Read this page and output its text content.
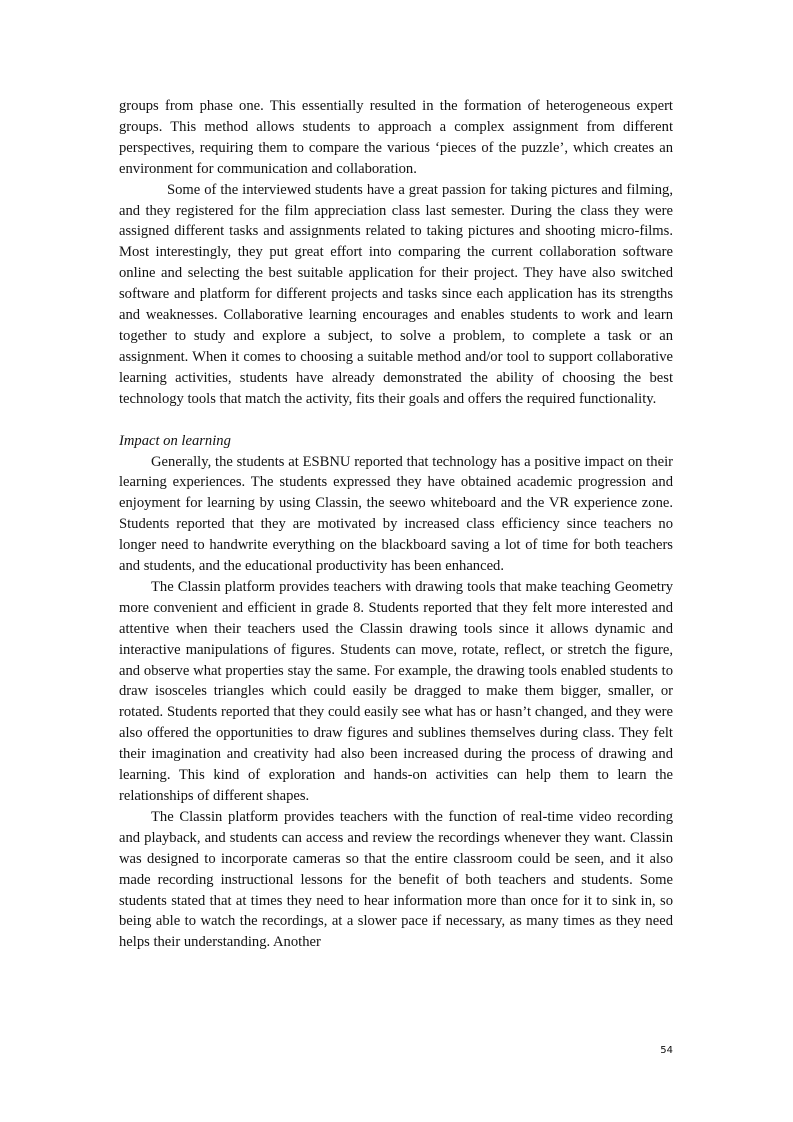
groups from phase one. This essentially resulted in the formation of heterogeneous expert groups. This method allows students to approach a complex assignment from different perspectives, requiring them to compare the various ‘pieces of the puzzle’, which creates an environment for communication and collaboration.

Some of the interviewed students have a great passion for taking pictures and filming, and they registered for the film appreciation class last semester. During the class they were assigned different tasks and assignments related to taking pictures and shooting micro-films. Most interestingly, they put great effort into comparing the current collaboration software online and selecting the best suitable application for their project. They have also switched software and platform for different projects and tasks since each application has its strengths and weaknesses. Collaborative learning encourages and enables students to work and learn together to study and explore a subject, to solve a problem, to complete a task or an assignment. When it comes to choosing a suitable method and/or tool to support collaborative learning activities, students have already demonstrated the ability of choosing the best technology tools that match the activity, fits their goals and offers the required functionality.

Impact on learning

Generally, the students at ESBNU reported that technology has a positive impact on their learning experiences. The students expressed they have obtained academic progression and enjoyment for learning by using Classin, the seewo whiteboard and the VR experience zone. Students reported that they are motivated by increased class efficiency since teachers no longer need to handwrite everything on the blackboard saving a lot of time for both teachers and students, and the educational productivity has been enhanced.

The Classin platform provides teachers with drawing tools that make teaching Geometry more convenient and efficient in grade 8. Students reported that they felt more interested and attentive when their teachers used the Classin drawing tools since it allows dynamic and interactive manipulations of figures. Students can move, rotate, reflect, or stretch the figure, and observe what properties stay the same. For example, the drawing tools enabled students to draw isosceles triangles which could easily be dragged to make them bigger, smaller, or rotated. Students reported that they could easily see what has or hasn’t changed, and they were also offered the opportunities to draw figures and sublines themselves during class. They felt their imagination and creativity had also been increased during the process of drawing and learning. This kind of exploration and hands-on activities can help them to learn the relationships of different shapes.

The Classin platform provides teachers with the function of real-time video recording and playback, and students can access and review the recordings whenever they want. Classin was designed to incorporate cameras so that the entire classroom could be seen, and it also made recording instructional lessons for the benefit of both teachers and students. Some students stated that at times they need to hear information more than once for it to sink in, so being able to watch the recordings, at a slower pace if necessary, as many times as they need helps their understanding. Another

54
